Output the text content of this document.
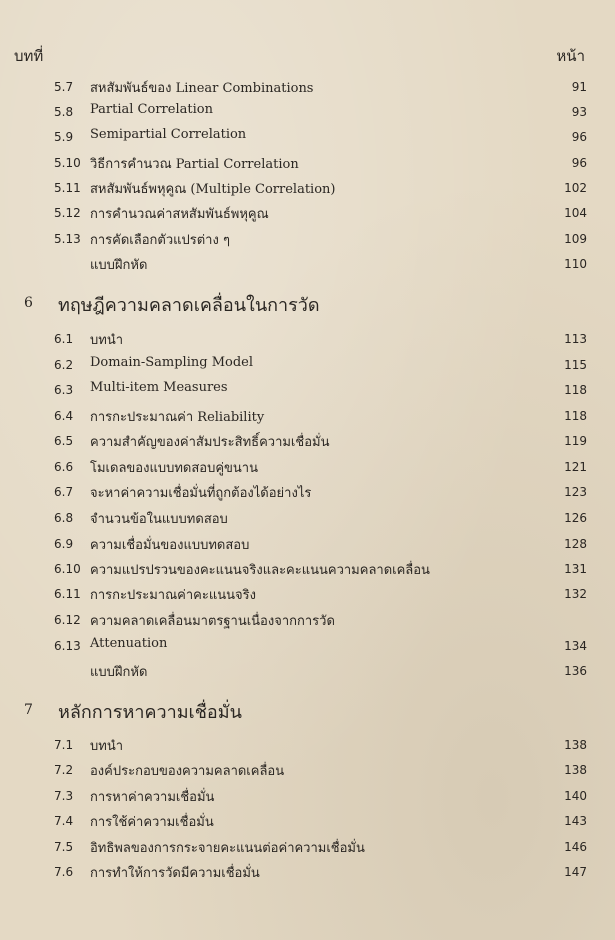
บทที่	หน้า
5.7 สหสัมพันธ์ของ Linear Combinations	91
5.8 Partial Correlation	93
5.9 Semipartial Correlation	96
5.10 วิธีการคำนวณ Partial Correlation	96
5.11 สหสัมพันธ์พหุคูณ (Multiple Correlation)	102
5.12 การคำนวณค่าสหสัมพันธ์พหุคูณ	104
5.13 การคัดเลือกตัวแปรต่าง ๆ	109
แบบฝึกหัด	110
6 ทฤษฎีความคลาดเคลื่อนในการวัด
6.1 บทนำ	113
6.2 Domain-Sampling Model	115
6.3 Multi-item Measures	118
6.4 การกะประมาณค่า Reliability	118
6.5 ความสำคัญของค่าสัมประสิทธิ์ความเชื่อมั่น	119
6.6 โมเดลของแบบทดสอบคู่ขนาน	121
6.7 จะหาค่าความเชื่อมั่นที่ถูกต้องได้อย่างไร	123
6.8 จำนวนข้อในแบบทดสอบ	126
6.9 ความเชื่อมั่นของแบบทดสอบ	128
6.10 ความแปรปรวนของคะแนนจริงและคะแนนความคลาดเคลื่อน	131
6.11 การกะประมาณค่าคะแนนจริง	132
6.12 ความคลาดเคลื่อนมาตรฐานเนื่องจากการวัด
6.13 Attenuation	134
แบบฝึกหัด	136
7 หลักการหาความเชื่อมั่น
7.1 บทนำ	138
7.2 องค์ประกอบของความคลาดเคลื่อน	138
7.3 การหาค่าความเชื่อมั่น	140
7.4 การใช้ค่าความเชื่อมั่น	143
7.5 อิทธิพลของการกระจายคะแนนต่อค่าความเชื่อมั่น	146
7.6 การทำให้การวัดมีความเชื่อมั่น	147
